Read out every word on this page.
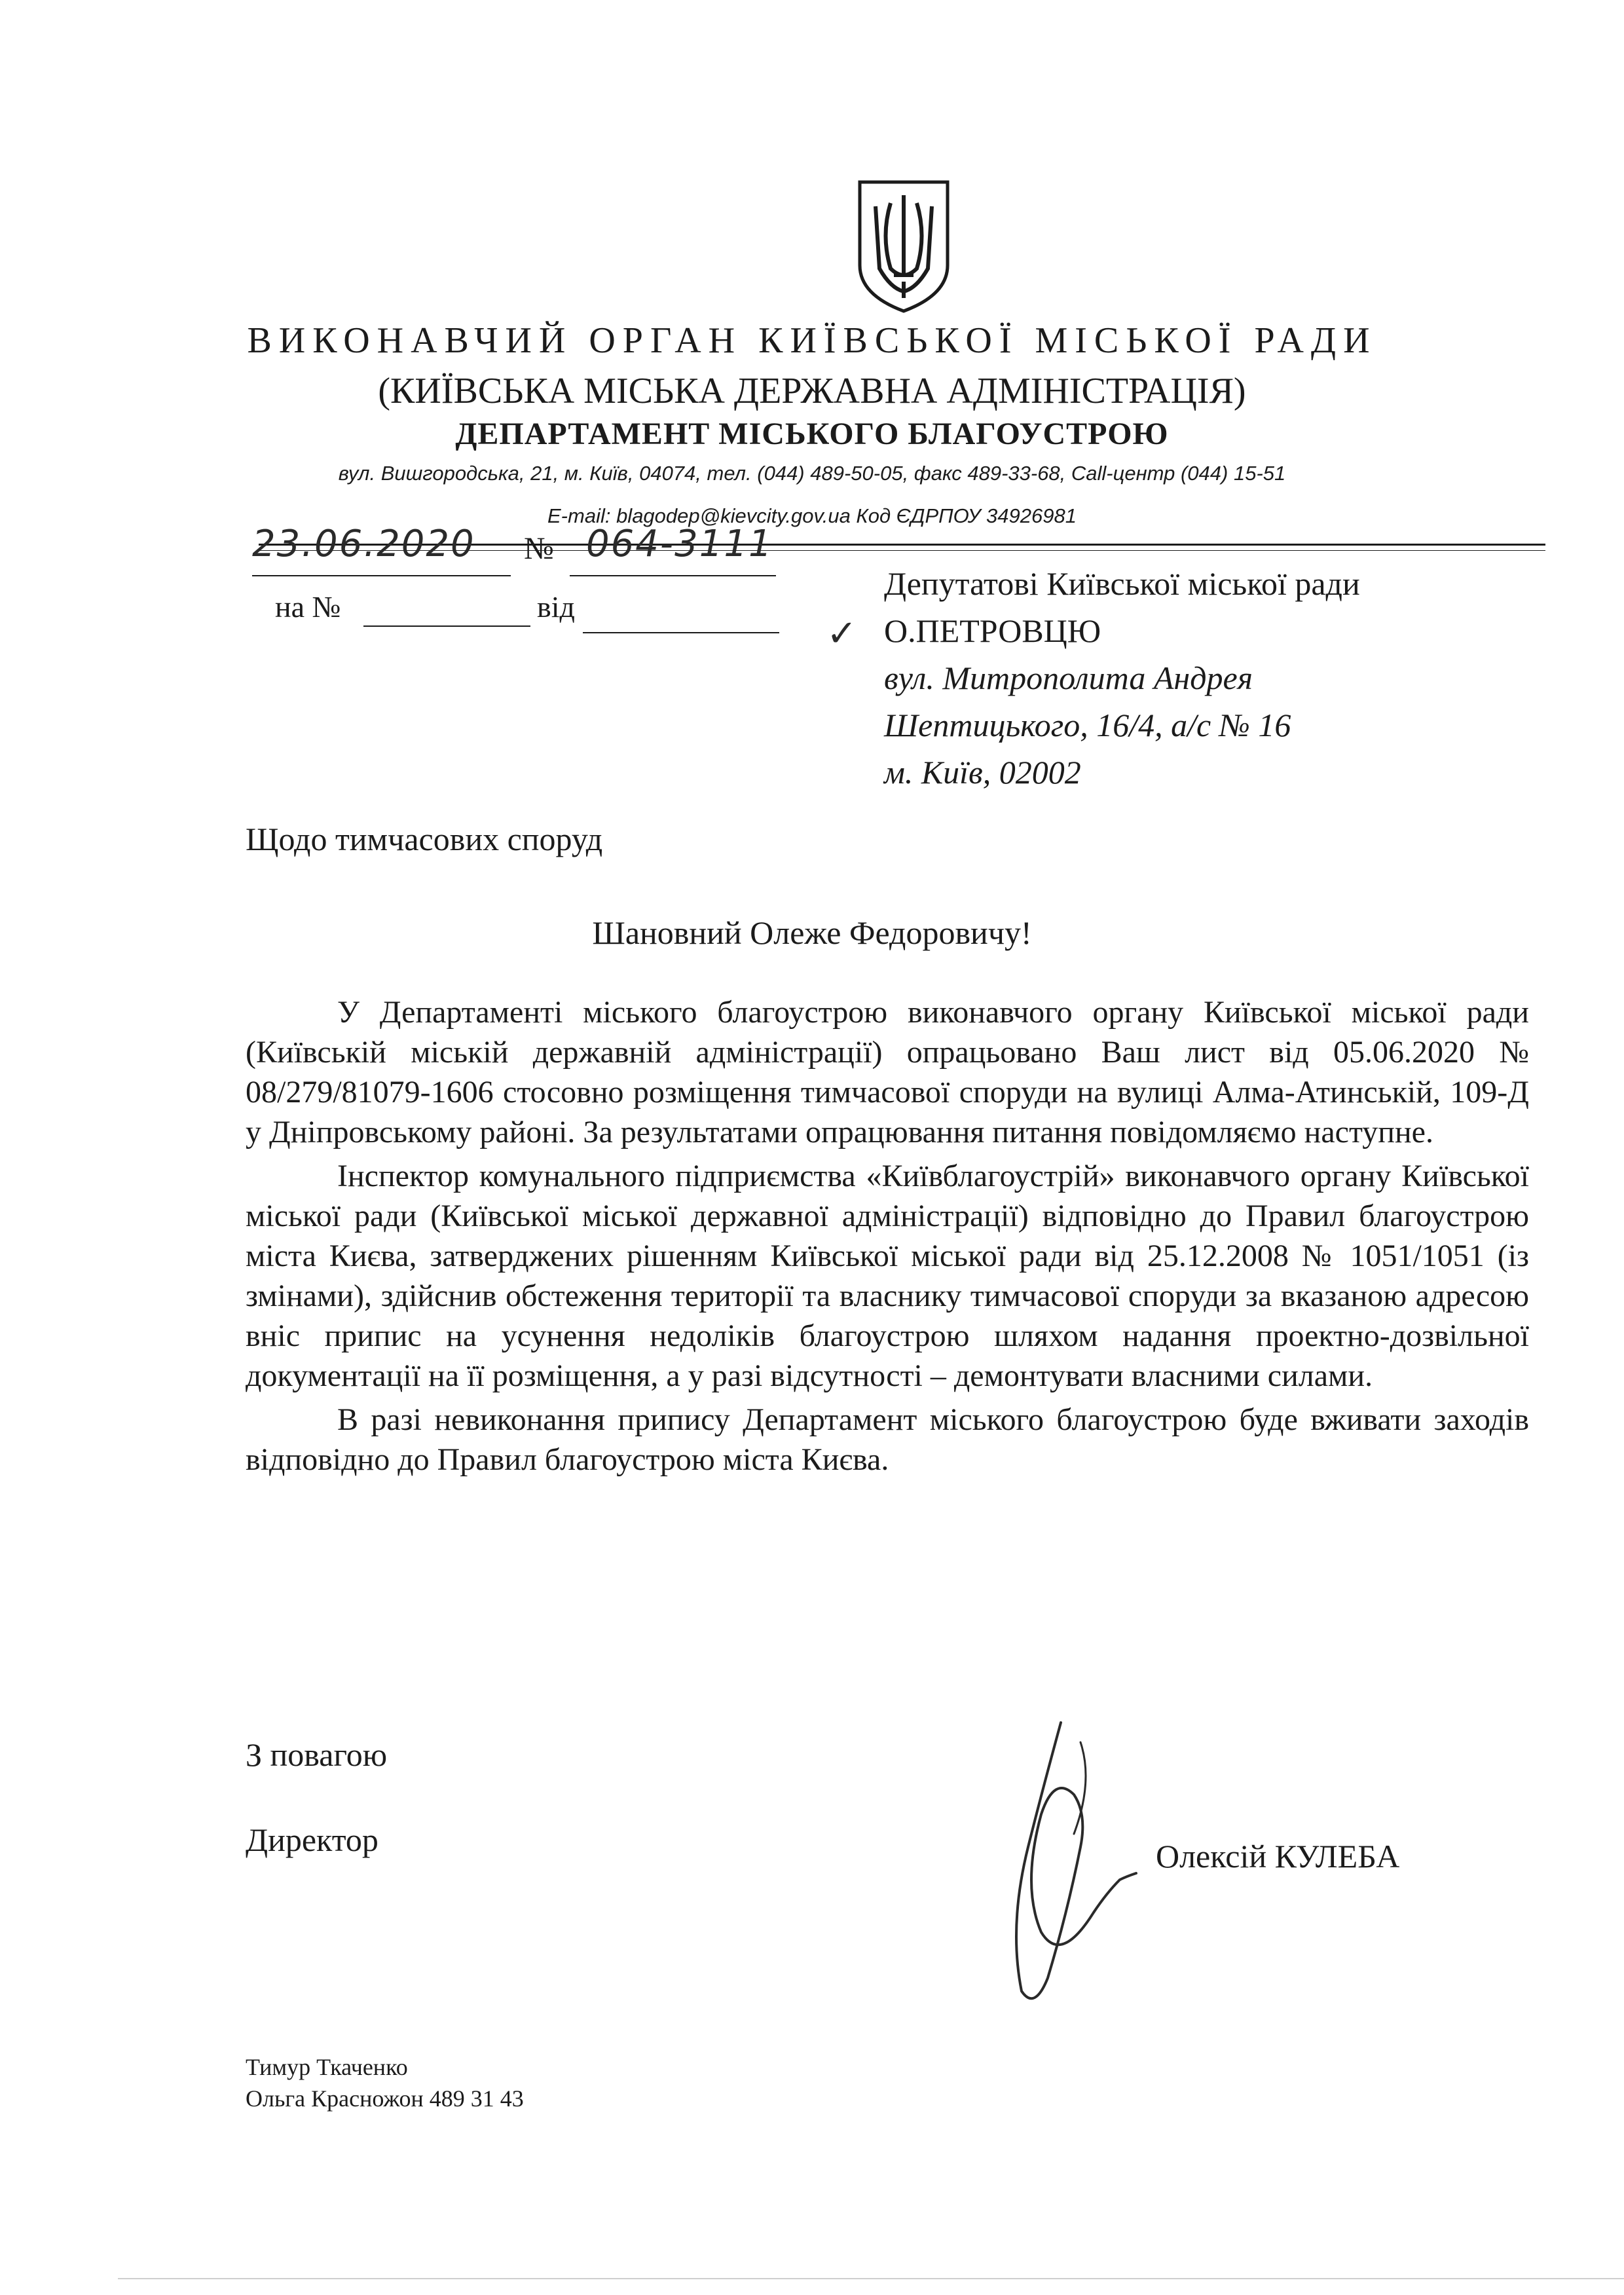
ВИКОНАВЧИЙ ОРГАН КИЇВСЬКОЇ МІСЬКОЇ РАДИ
(КИЇВСЬКА МІСЬКА ДЕРЖАВНА АДМІНІСТРАЦІЯ)
ДЕПАРТАМЕНТ МІСЬКОГО БЛАГОУСТРОЮ
вул. Вишгородська, 21, м. Київ, 04074, тел. (044) 489-50-05, факс 489-33-68, Call-центр (044) 15-51
E-mail: blagodep@kievcity.gov.ua Код ЄДРПОУ 34926981
23.06.2020 № 064-3111
на №	від
✓
Депутатові Київської міської ради
О.ПЕТРОВЦЮ
вул. Митрополита Андрея
Шептицького, 16/4, а/с № 16
м. Київ, 02002
Щодо тимчасових споруд
Шановний Олеже Федоровичу!

У Департаменті міського благоустрою виконавчого органу Київської міської ради (Київській міській державній адміністрації) опрацьовано Ваш лист від 05.06.2020 № 08/279/81079-1606 стосовно розміщення тимчасової споруди на вулиці Алма-Атинській, 109-Д у Дніпровському районі. За результатами опрацювання питання повідомляємо наступне.

Інспектор комунального підприємства «Київблагоустрій» виконавчого органу Київської міської ради (Київської міської державної адміністрації) відповідно до Правил благоустрою міста Києва, затверджених рішенням Київської міської ради від 25.12.2008 № 1051/1051 (із змінами), здійснив обстеження території та власнику тимчасової споруди за вказаною адресою вніс припис на усунення недоліків благоустрою шляхом надання проектно-дозвільної документації на її розміщення, а у разі відсутності – демонтувати власними силами.

В разі невиконання припису Департамент міського благоустрою буде вживати заходів відповідно до Правил благоустрою міста Києва.

З повагою
Директор	Олексій КУЛЕБА
Тимур Ткаченко
Ольга Красножон 489 31 43
